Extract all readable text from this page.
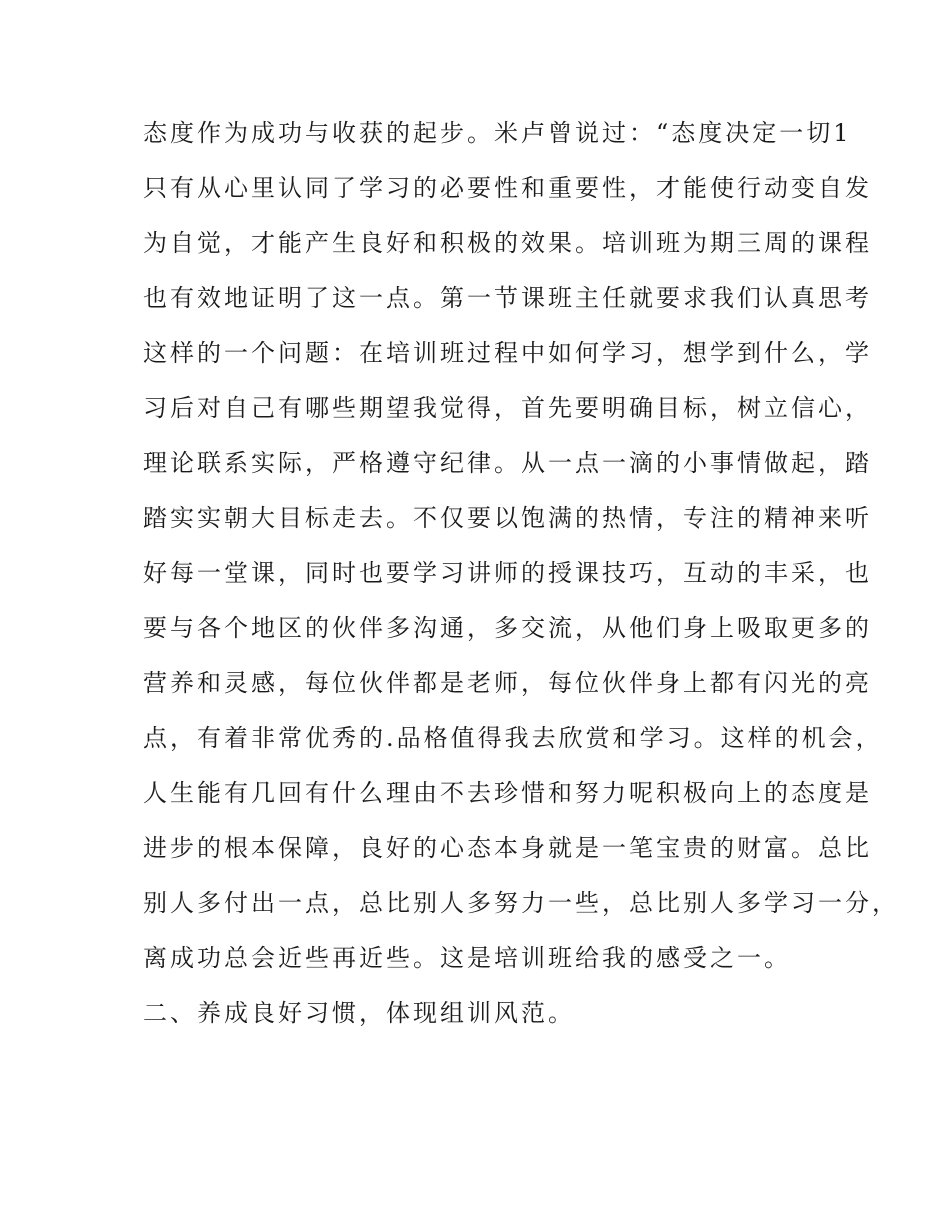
态度作为成功与收获的起步。米卢曾说过：“态度决定一切1
只有从心里认同了学习的必要性和重要性，才能使行动变自发
为自觉，才能产生良好和积极的效果。培训班为期三周的课程
也有效地证明了这一点。第一节课班主任就要求我们认真思考
这样的一个问题：在培训班过程中如何学习，想学到什么，学
习后对自己有哪些期望我觉得，首先要明确目标，树立信心，
理论联系实际，严格遵守纪律。从一点一滴的小事情做起，踏
踏实实朝大目标走去。不仅要以饱满的热情，专注的精神来听
好每一堂课，同时也要学习讲师的授课技巧，互动的丰采，也
要与各个地区的伙伴多沟通，多交流，从他们身上吸取更多的
营养和灵感，每位伙伴都是老师，每位伙伴身上都有闪光的亮
点，有着非常优秀的.品格值得我去欣赏和学习。这样的机会，
人生能有几回有什么理由不去珍惜和努力呢积极向上的态度是
进步的根本保障，良好的心态本身就是一笔宝贵的财富。总比
别人多付出一点，总比别人多努力一些，总比别人多学习一分，
离成功总会近些再近些。这是培训班给我的感受之一。
二、养成良好习惯，体现组训风范。
